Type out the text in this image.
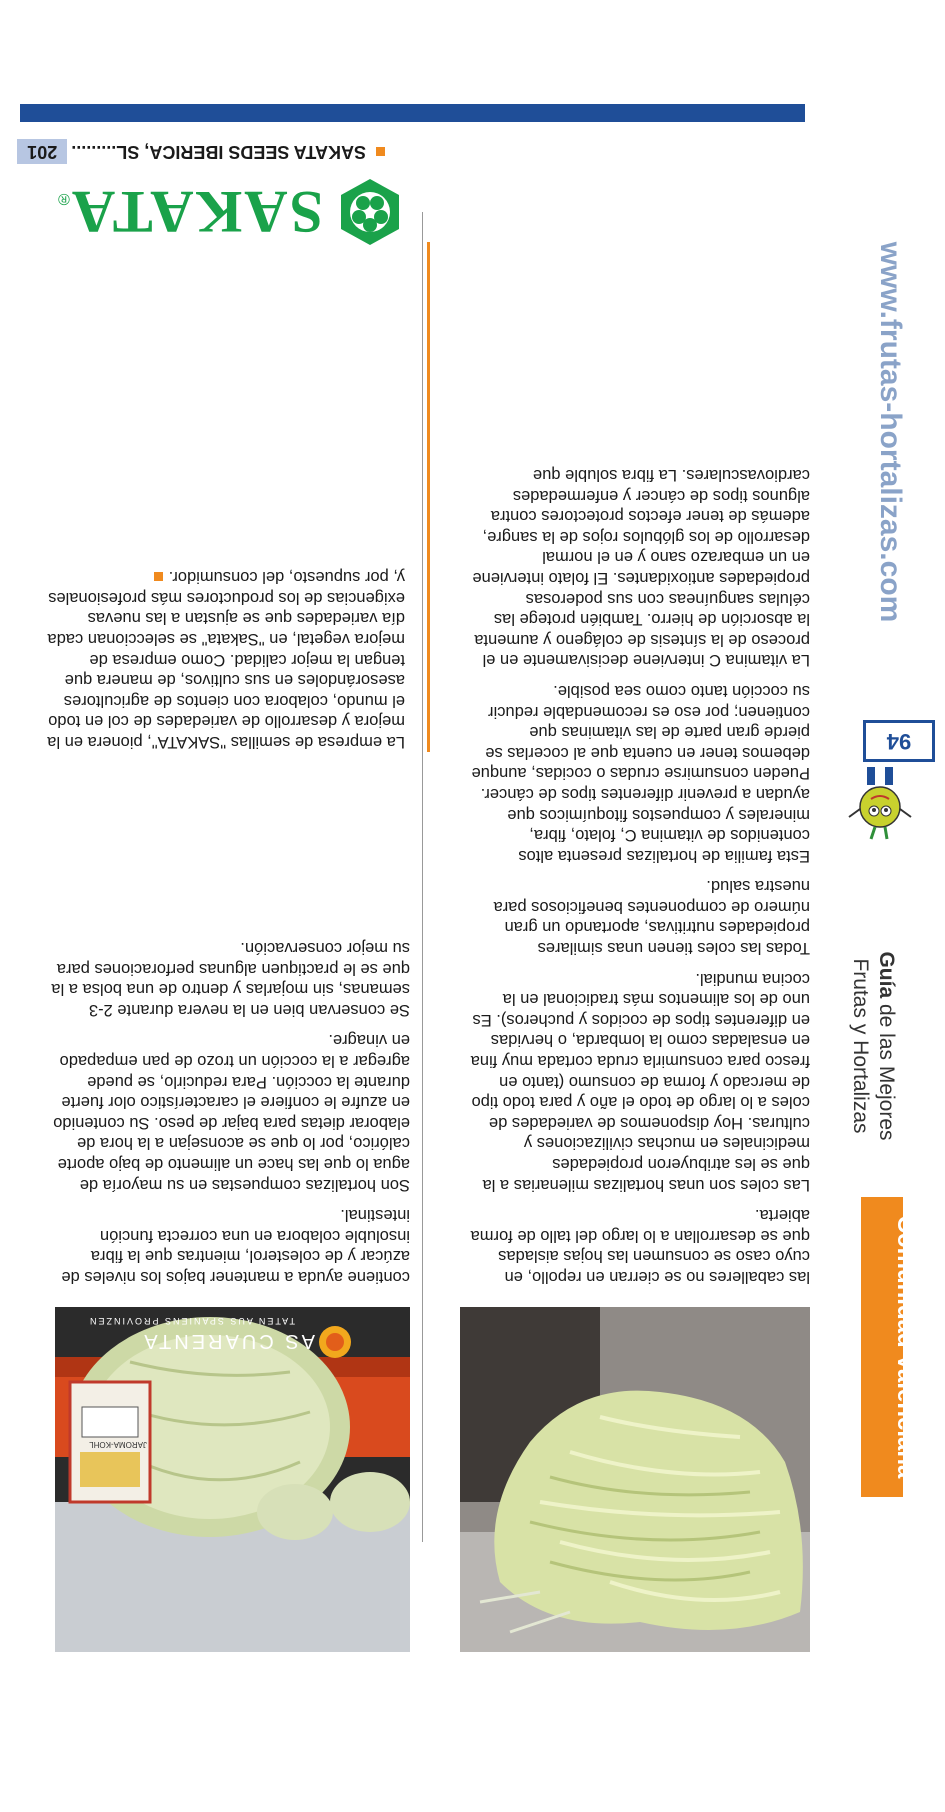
Comunidad Valenciana
Guía de las Mejores
Frutas y Hortalizas
94
www.frutas-hortalizas.com
AS CUARENTA
TATEN AUS SPANIENS PROVINZEN
JAROMA-KOHL

las caballeres no se cierran en repollo, en cuyo caso se consumen las hojas aisladas que se desarrollan a lo largo del tallo de forma abierta.

Las coles son unas hortalizas milenarias a la que se les atribuyeron propiedades medicinales en muchas civilizaciones y culturas. Hoy disponemos de variedades de coles a lo largo de todo el año y para todo tipo de mercado y forma de consumo (tanto en fresco para consumirla cruda cortada muy fina en ensaladas como la lombarda, o hervidas en diferentes tipos de cocidos y pucheros). Es uno de los alimentos más tradicional en la cocina mundial.

Todas las coles tienen unas similares propiedades nutritivas, aportando un gran número de componentes beneficiosos para nuestra salud.

Esta familia de hortalizas presenta altos contenidos de vitamina C, folato, fibra, minerales y compuestos fitoquímicos que ayudan a prevenir diferentes tipos de cáncer. Pueden consumirse crudas o cocidas, aunque debemos tener en cuenta que al cocerlas se pierde gran parte de las vitaminas que contienen; por eso es recomendable reducir su cocción tanto como sea posible.

La vitamina C interviene decisivamente en el proceso de la síntesis de colágeno y aumenta la absorción de hierro. También protege las células sanguíneas con sus poderosas propiedades antioxidantes. El folato interviene en un embarazo sano y en el normal desarrollo de los glóbulos rojos de la sangre, además de tener efectos protectores contra algunos tipos de cáncer y enfermedades cardiovasculares. La fibra soluble que

contiene ayuda a mantener bajos los niveles de azúcar y de colesterol, mientras que la fibra insoluble colabora en una correcta función intestinal.

Son hortalizas compuestas en su mayoría de agua lo que las hace un alimento de bajo aporte calórico, por lo que se aconsejan a la hora de elaborar dietas para bajar de peso. Su contenido en azufre le confiere el característico olor fuerte durante la cocción. Para reducirlo, se puede agregar a la cocción un trozo de pan empapado en vinagre.

Se conservan bien en la nevera durante 2-3 semanas, sin mojarlas y dentro de una bolsa a la que se le practiquen algunas perforaciones para su mejor conservación.

La empresa de semillas "SAKATA", pionera en la mejora y desarrollo de variedades de col en todo el mundo, colabora con cientos de agricultores asesorándoles en sus cultivos, de manera que tengan la mejor calidad. Como empresa de mejora vegetal, en "Sakata" se seleccionan cada día variedades que se ajustan a las nuevas exigencias de los productores más profesionales y, por supuesto, del consumidor.

SAKATA
®
SAKATA SEEDS IBERICA, SL.........
201
